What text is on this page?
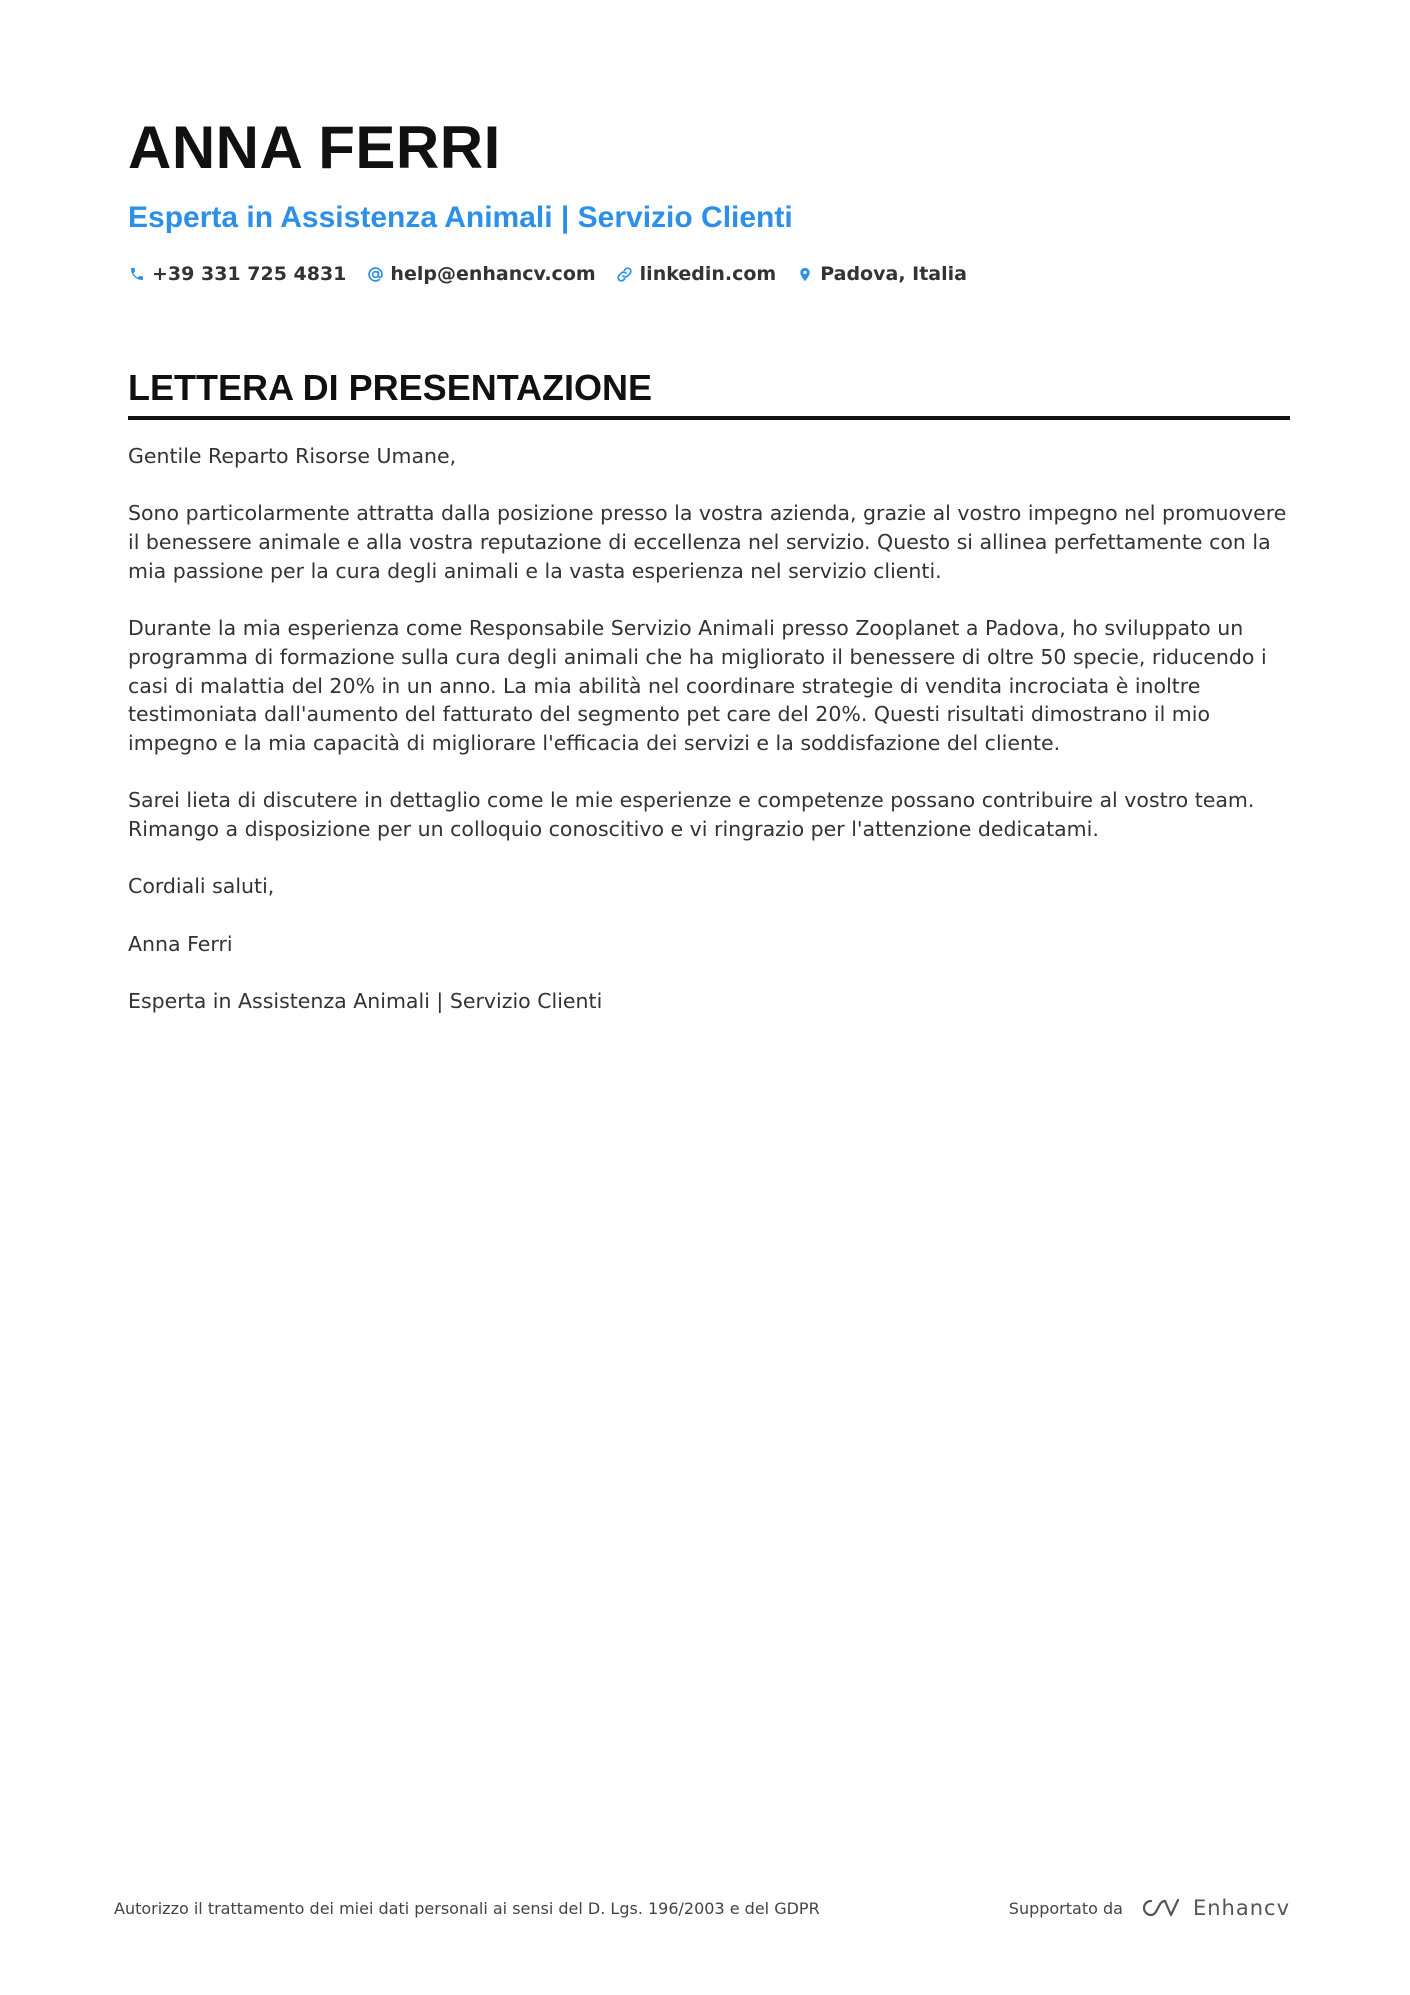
ANNA FERRI
Esperta in Assistenza Animali | Servizio Clienti
+39 331 725 4831 help@enhancv.com linkedin.com Padova, Italia
LETTERA DI PRESENTAZIONE

Gentile Reparto Risorse Umane,

Sono particolarmente attratta dalla posizione presso la vostra azienda, grazie al vostro impegno nel promuovere il benessere animale e alla vostra reputazione di eccellenza nel servizio. Questo si allinea perfettamente con la mia passione per la cura degli animali e la vasta esperienza nel servizio clienti.

Durante la mia esperienza come Responsabile Servizio Animali presso Zooplanet a Padova, ho sviluppato un programma di formazione sulla cura degli animali che ha migliorato il benessere di oltre 50 specie, riducendo i casi di malattia del 20% in un anno. La mia abilità nel coordinare strategie di vendita incrociata è inoltre testimoniata dall'aumento del fatturato del segmento pet care del 20%. Questi risultati dimostrano il mio impegno e la mia capacità di migliorare l'efficacia dei servizi e la soddisfazione del cliente.

Sarei lieta di discutere in dettaglio come le mie esperienze e competenze possano contribuire al vostro team. Rimango a disposizione per un colloquio conoscitivo e vi ringrazio per l'attenzione dedicatami.

Cordiali saluti,

Anna Ferri

Esperta in Assistenza Animali | Servizio Clienti

Autorizzo il trattamento dei miei dati personali ai sensi del D. Lgs. 196/2003 e del GDPR	Supportato da	Enhancv
